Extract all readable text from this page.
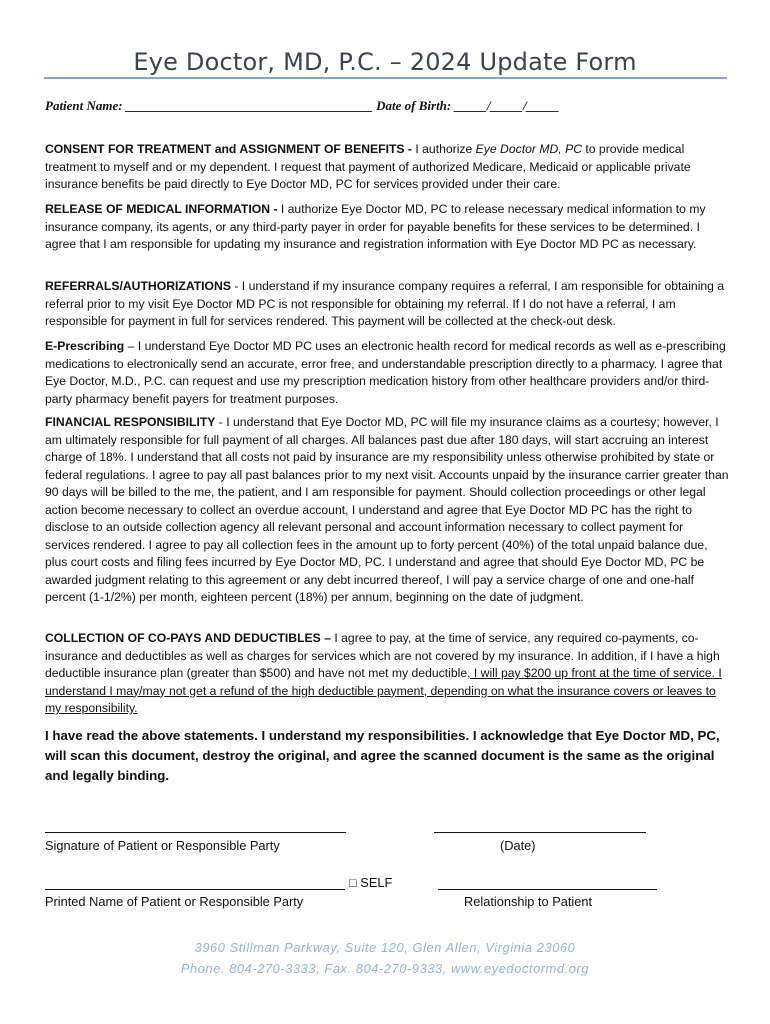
Eye Doctor, MD, P.C. – 2024 Update Form
Patient Name: ______________________________________ Date of Birth: _____/_____/_____
CONSENT FOR TREATMENT and ASSIGNMENT OF BENEFITS - I authorize Eye Doctor MD, PC to provide medical treatment to myself and or my dependent. I request that payment of authorized Medicare, Medicaid or applicable private insurance benefits be paid directly to Eye Doctor MD, PC for services provided under their care.
RELEASE OF MEDICAL INFORMATION - I authorize Eye Doctor MD, PC to release necessary medical information to my insurance company, its agents, or any third-party payer in order for payable benefits for these services to be determined. I agree that I am responsible for updating my insurance and registration information with Eye Doctor MD PC as necessary.
REFERRALS/AUTHORIZATIONS - I understand if my insurance company requires a referral, I am responsible for obtaining a referral prior to my visit Eye Doctor MD PC is not responsible for obtaining my referral. If I do not have a referral, I am responsible for payment in full for services rendered. This payment will be collected at the check-out desk.
E-Prescribing – I understand Eye Doctor MD PC uses an electronic health record for medical records as well as e-prescribing medications to electronically send an accurate, error free, and understandable prescription directly to a pharmacy. I agree that Eye Doctor, M.D., P.C. can request and use my prescription medication history from other healthcare providers and/or third-party pharmacy benefit payers for treatment purposes.
FINANCIAL RESPONSIBILITY - I understand that Eye Doctor MD, PC will file my insurance claims as a courtesy; however, I am ultimately responsible for full payment of all charges. All balances past due after 180 days, will start accruing an interest charge of 18%. I understand that all costs not paid by insurance are my responsibility unless otherwise prohibited by state or federal regulations. I agree to pay all past balances prior to my next visit. Accounts unpaid by the insurance carrier greater than 90 days will be billed to the me, the patient, and I am responsible for payment. Should collection proceedings or other legal action become necessary to collect an overdue account, I understand and agree that Eye Doctor MD PC has the right to disclose to an outside collection agency all relevant personal and account information necessary to collect payment for services rendered. I agree to pay all collection fees in the amount up to forty percent (40%) of the total unpaid balance due, plus court costs and filing fees incurred by Eye Doctor MD, PC. I understand and agree that should Eye Doctor MD, PC be awarded judgment relating to this agreement or any debt incurred thereof, I will pay a service charge of one and one-half percent (1-1/2%) per month, eighteen percent (18%) per annum, beginning on the date of judgment.
COLLECTION OF CO-PAYS AND DEDUCTIBLES – I agree to pay, at the time of service, any required co-payments, co-insurance and deductibles as well as charges for services which are not covered by my insurance. In addition, if I have a high deductible insurance plan (greater than $500) and have not met my deductible, I will pay $200 up front at the time of service. I understand I may/may not get a refund of the high deductible payment, depending on what the insurance covers or leaves to my responsibility.
I have read the above statements. I understand my responsibilities. I acknowledge that Eye Doctor MD, PC, will scan this document, destroy the original, and agree the scanned document is the same as the original and legally binding.
Signature of Patient or Responsible Party	(Date)
□ SELF
Printed Name of Patient or Responsible Party	Relationship to Patient
3960 Stillman Parkway, Suite 120, Glen Allen, Virginia 23060
Phone. 804-270-3333, Fax. 804-270-9333, www.eyedoctormd.org
